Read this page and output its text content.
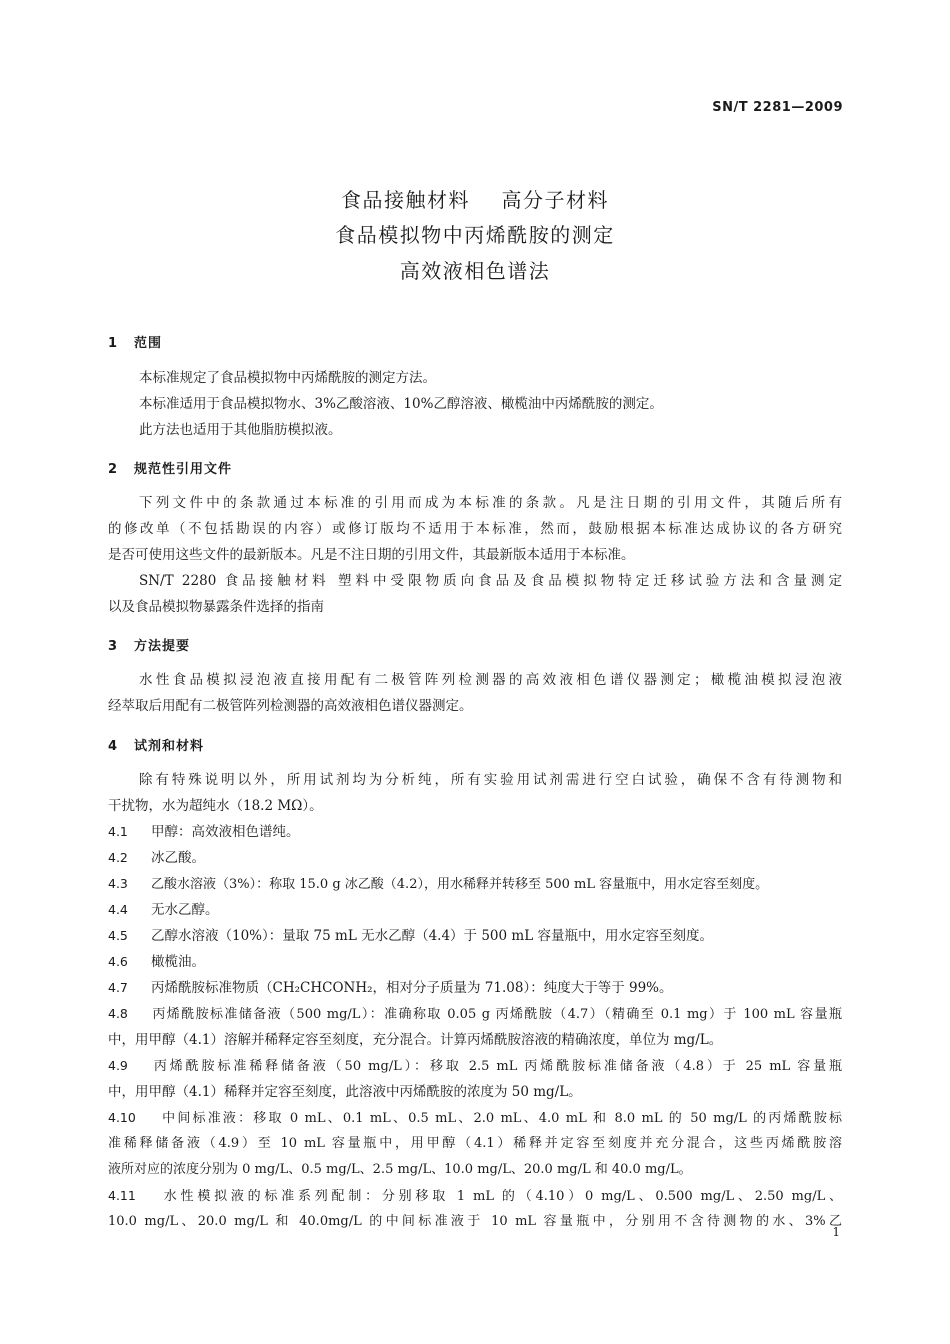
SN/T 2281—2009
食品接触材料    高分子材料
食品模拟物中丙烯酰胺的测定
高效液相色谱法
1 范围
本标准规定了食品模拟物中丙烯酰胺的测定方法。
本标准适用于食品模拟物水、3%乙酸溶液、10%乙醇溶液、橄榄油中丙烯酰胺的测定。
此方法也适用于其他脂肪模拟液。
2 规范性引用文件
下列文件中的条款通过本标准的引用而成为本标准的条款。凡是注日期的引用文件，其随后所有
的修改单（不包括勘误的内容）或修订版均不适用于本标准，然而，鼓励根据本标准达成协议的各方研究
是否可使用这些文件的最新版本。凡是不注日期的引用文件，其最新版本适用于本标准。
SN/T 2280 食品接触材料 塑料中受限物质向食品及食品模拟物特定迁移试验方法和含量测定
以及食品模拟物暴露条件选择的指南
3 方法提要
水性食品模拟浸泡液直接用配有二极管阵列检测器的高效液相色谱仪器测定；橄榄油模拟浸泡液
经萃取后用配有二极管阵列检测器的高效液相色谱仪器测定。
4 试剂和材料
除有特殊说明以外，所用试剂均为分析纯，所有实验用试剂需进行空白试验，确保不含有待测物和
干扰物，水为超纯水（18.2 MΩ）。
4.1 甲醇：高效液相色谱纯。
4.2 冰乙酸。
4.3 乙酸水溶液（3%）：称取 15.0 g 冰乙酸（4.2），用水稀释并转移至 500 mL 容量瓶中，用水定容至刻度。
4.4 无水乙醇。
4.5 乙醇水溶液（10%）：量取 75 mL 无水乙醇（4.4）于 500 mL 容量瓶中，用水定容至刻度。
4.6 橄榄油。
4.7 丙烯酰胺标准物质（CH₂CHCONH₂，相对分子质量为 71.08）：纯度大于等于 99%。
4.8 丙烯酰胺标准储备液（500 mg/L）：准确称取 0.05 g 丙烯酰胺（4.7）（精确至 0.1 mg）于 100 mL 容量瓶
中，用甲醇（4.1）溶解并稀释定容至刻度，充分混合。计算丙烯酰胺溶液的精确浓度，单位为 mg/L。
4.9 丙烯酰胺标准稀释储备液（50 mg/L）：移取 2.5 mL 丙烯酰胺标准储备液（4.8）于 25 mL 容量瓶
中，用甲醇（4.1）稀释并定容至刻度，此溶液中丙烯酰胺的浓度为 50 mg/L。
4.10 中间标准液：移取 0 mL、0.1 mL、0.5 mL、2.0 mL、4.0 mL 和 8.0 mL 的 50 mg/L 的丙烯酰胺标
准稀释储备液（4.9）至 10 mL 容量瓶中，用甲醇（4.1）稀释并定容至刻度并充分混合，这些丙烯酰胺溶
液所对应的浓度分别为 0 mg/L、0.5 mg/L、2.5 mg/L、10.0 mg/L、20.0 mg/L 和 40.0 mg/L。
4.11 水性模拟液的标准系列配制：分别移取 1 mL 的（4.10）0 mg/L、0.500 mg/L、2.50 mg/L、
10.0 mg/L、20.0 mg/L 和 40.0mg/L 的中间标准液于 10 mL 容量瓶中，分别用不含待测物的水、3%乙
1
